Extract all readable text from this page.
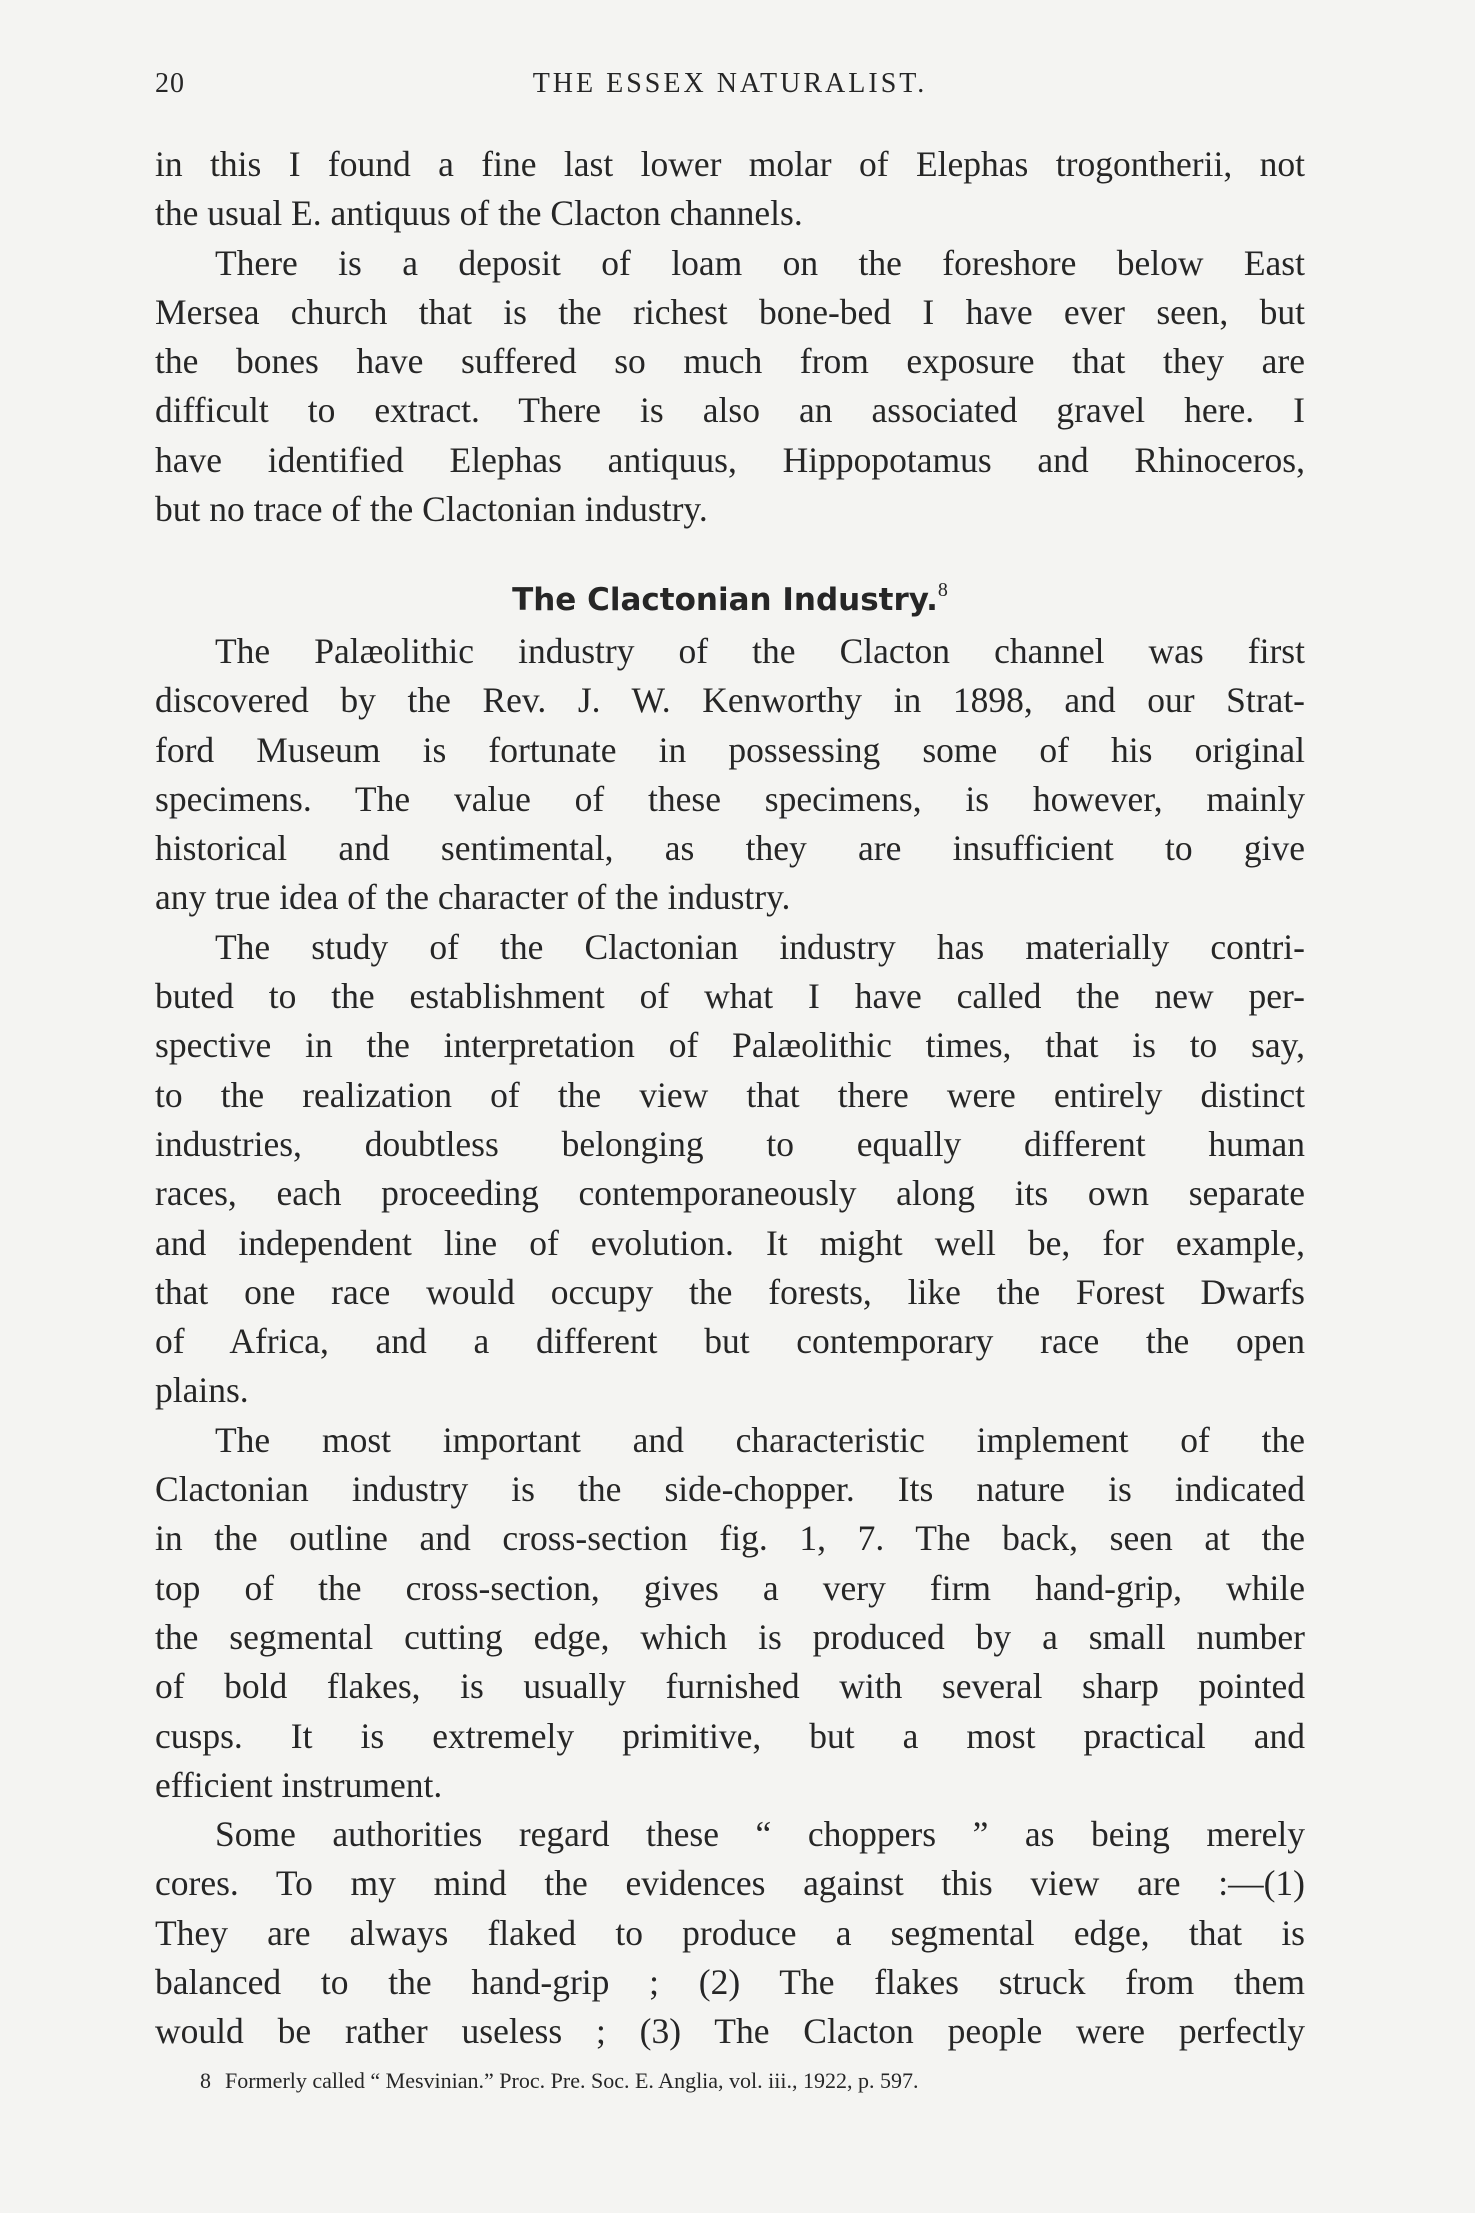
20	THE ESSEX NATURALIST.
in this I found a fine last lower molar of Elephas trogontherii, not
the usual E. antiquus of the Clacton channels.
There is a deposit of loam on the foreshore below East
Mersea church that is the richest bone-bed I have ever seen, but
the bones have suffered so much from exposure that they are
difficult to extract. There is also an associated gravel here. I
have identified Elephas antiquus, Hippopotamus and Rhinoceros,
but no trace of the Clactonian industry.
The Clactonian Industry.$^8$
The Palæolithic industry of the Clacton channel was first
discovered by the Rev. J. W. Kenworthy in 1898, and our Strat-
ford Museum is fortunate in possessing some of his original
specimens. The value of these specimens, is however, mainly
historical and sentimental, as they are insufficient to give
any true idea of the character of the industry.
The study of the Clactonian industry has materially contri-
buted to the establishment of what I have called the new per-
spective in the interpretation of Palæolithic times, that is to say,
to the realization of the view that there were entirely distinct
industries, doubtless belonging to equally different human
races, each proceeding contemporaneously along its own separate
and independent line of evolution. It might well be, for example,
that one race would occupy the forests, like the Forest Dwarfs
of Africa, and a different but contemporary race the open
plains.
The most important and characteristic implement of the
Clactonian industry is the side-chopper. Its nature is indicated
in the outline and cross-section fig. 1, 7. The back, seen at the
top of the cross-section, gives a very firm hand-grip, while
the segmental cutting edge, which is produced by a small number
of bold flakes, is usually furnished with several sharp pointed
cusps. It is extremely primitive, but a most practical and
efficient instrument.
Some authorities regard these “ choppers ” as being merely
cores. To my mind the evidences against this view are :—(1)
They are always flaked to produce a segmental edge, that is
balanced to the hand-grip ; (2) The flakes struck from them
would be rather useless ; (3) The Clacton people were perfectly
8 Formerly called “ Mesvinian.” Proc. Pre. Soc. E. Anglia, vol. iii., 1922, p. 597.
